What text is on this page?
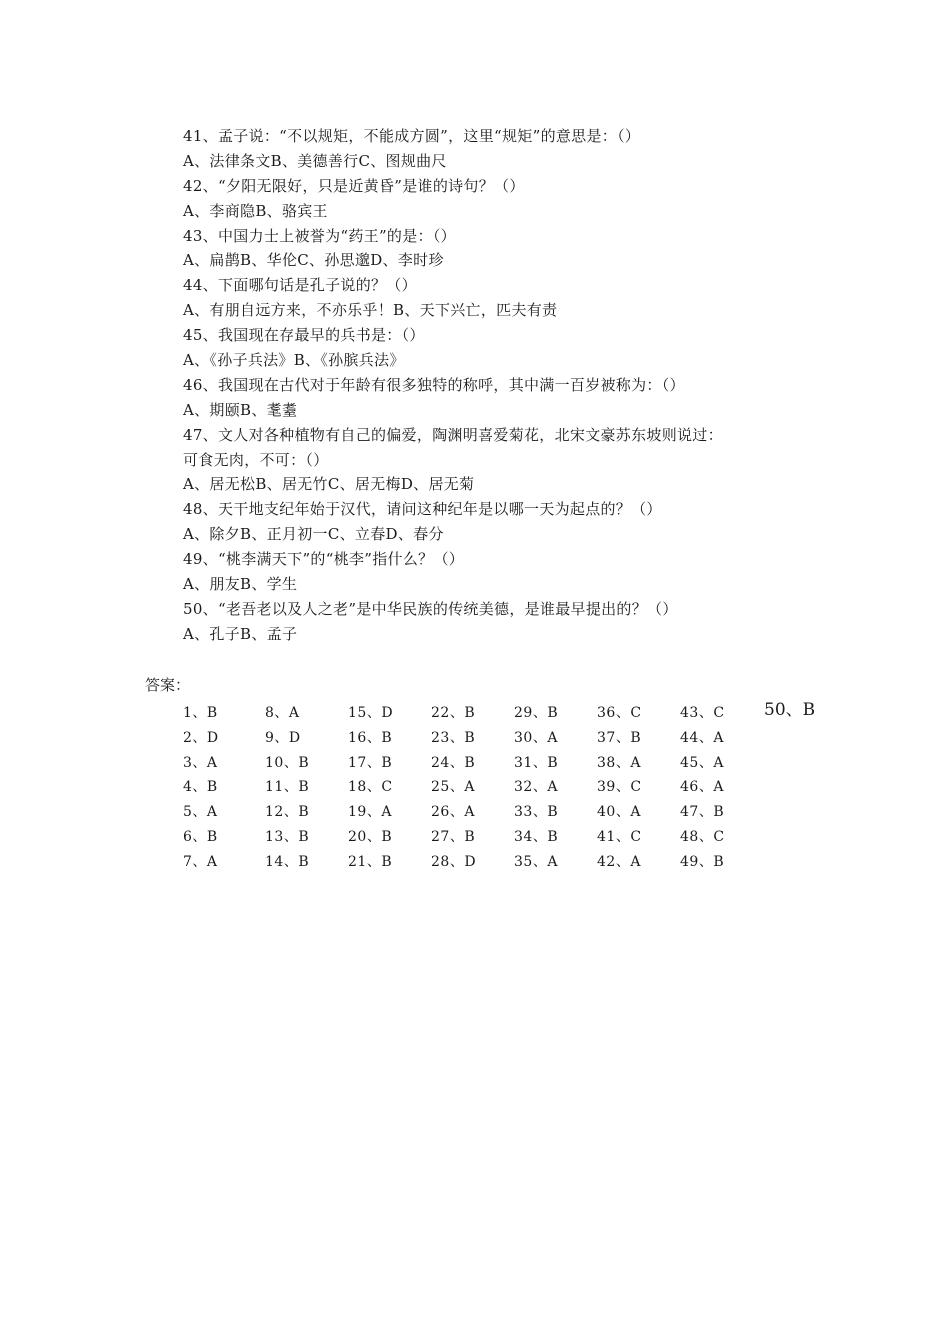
41、孟子说：“不以规矩，不能成方圆”，这里“规矩”的意思是：（）
A、法律条文B、美德善行C、图规曲尺
42、“夕阳无限好，只是近黄昏”是谁的诗句？（）
A、李商隐B、骆宾王
43、中国力士上被誉为“药王”的是：（）
A、扁鹊B、华伦C、孙思邈D、李时珍
44、下面哪句话是孔子说的？（）
A、有朋自远方来，不亦乐乎！B、天下兴亡，匹夫有责
45、我国现在存最早的兵书是：（）
A、《孙子兵法》B、《孙膑兵法》
46、我国现在古代对于年龄有很多独特的称呼，其中满一百岁被称为：（）
A、期颐B、耄耋
47、文人对各种植物有自己的偏爱，陶渊明喜爱菊花，北宋文豪苏东坡则说过：
可食无肉，不可：（）
A、居无松B、居无竹C、居无梅D、居无菊
48、天干地支纪年始于汉代，请问这种纪年是以哪一天为起点的？（）
A、除夕B、正月初一C、立春D、春分
49、“桃李满天下”的“桃李”指什么？（）
A、朋友B、学生
50、“老吾老以及人之老”是中华民族的传统美德，是谁最早提出的？（）
A、孔子B、孟子
答案：
1、B
2、D
3、A
4、B
5、A
6、B
7、A
8、A
9、D
10、B
11、B
12、B
13、B
14、B
15、D
16、B
17、B
18、C
19、A
20、B
21、B
22、B
23、B
24、B
25、A
26、A
27、B
28、D
29、B
30、A
31、B
32、A
33、B
34、B
35、A
36、C
37、B
38、A
39、C
40、A
41、C
42、A
43、C
44、A
45、A
46、A
47、B
48、C
49、B
50、B
